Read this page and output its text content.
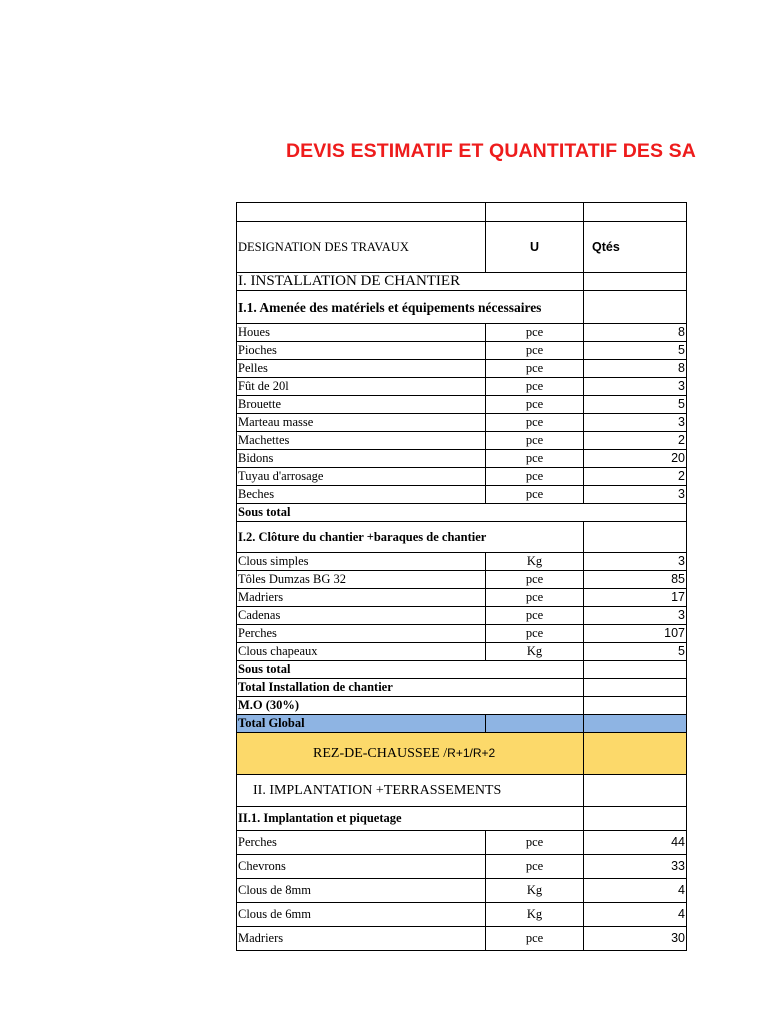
DEVIS ESTIMATIF ET QUANTITATIF DES SA

DESIGNATION DES TRAVAUX	U	Qtés
I. INSTALLATION DE CHANTIER		
I.1. Amenée des matériels et équipements nécessaires		
Houes	pce	8
Pioches	pce	5
Pelles	pce	8
Fût de 20l	pce	3
Brouette	pce	5
Marteau masse	pce	3
Machettes	pce	2
Bidons	pce	20
Tuyau d'arrosage	pce	2
Beches	pce	3
Sous total		
I.2. Clôture du chantier +baraques de chantier		
Clous simples	Kg	3
Tôles Dumzas BG 32	pce	85
Madriers	pce	17
Cadenas	pce	3
Perches	pce	107
Clous chapeaux	Kg	5
Sous total		
Total Installation de chantier		
M.O (30%)		
Total Global		
REZ-DE-CHAUSSEE /R+1/R+2		
II. IMPLANTATION +TERRASSEMENTS		
II.1. Implantation et piquetage		
Perches	pce	44
Chevrons	pce	33
Clous de 8mm	Kg	4
Clous de 6mm	Kg	4
Madriers	pce	30
